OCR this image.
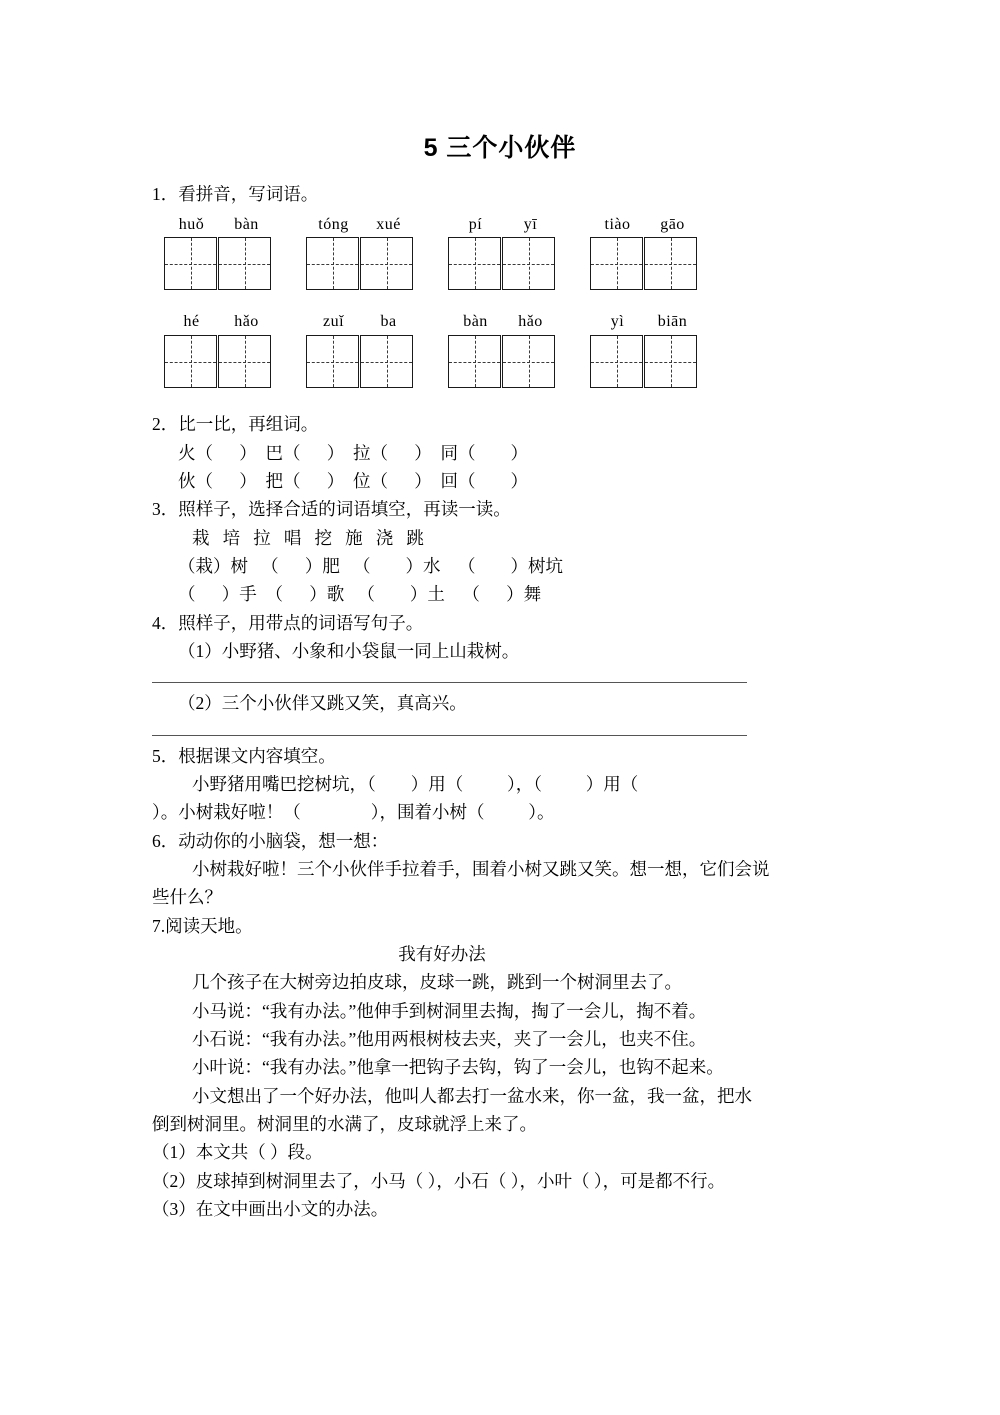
5 三个小伙伴

1．看拼音，写词语。

huǒ	bàn	tóng	xué	pí	yī	tiào	gāo
hé	hǎo	zuǐ	ba	bàn	hǎo	yì	biān

2．比一比，再组词。

火（      ）  巴（      ）  拉（      ）  同（        ）

伙（      ）  把（      ）  位（      ）  回（        ）

3．照样子，选择合适的词语填空，再读一读。

栽   培   拉   唱   挖   施   浇   跳

（栽）树   （      ）肥   （        ）水    （        ）树坑

（      ）手  （      ）歌   （        ）土    （      ）舞

4．照样子，用带点的词语写句子。

（1）小野猪、小象和小袋鼠一同上山栽树。

（2）三个小伙伴又跳又笑，真高兴。

5．根据课文内容填空。

小野猪用嘴巴挖树坑，（        ）用（          ），（          ）用（

）。小树栽好啦！（                ），围着小树（          ）。

6．动动你的小脑袋，想一想：

小树栽好啦！三个小伙伴手拉着手，围着小树又跳又笑。想一想，它们会说

些什么？

7.阅读天地。

我有好办法

几个孩子在大树旁边拍皮球，皮球一跳，跳到一个树洞里去了。

小马说：“我有办法。”他伸手到树洞里去掏，掏了一会儿，掏不着。

小石说：“我有办法。”他用两根树枝去夹，夹了一会儿，也夹不住。

小叶说：“我有办法。”他拿一把钩子去钩，钩了一会儿，也钩不起来。

小文想出了一个好办法，他叫人都去打一盆水来，你一盆，我一盆，把水

倒到树洞里。树洞里的水满了，皮球就浮上来了。

（1）本文共（ ）段。

（2）皮球掉到树洞里去了，小马（ ），小石（ ），小叶（ ），可是都不行。

（3）在文中画出小文的办法。
